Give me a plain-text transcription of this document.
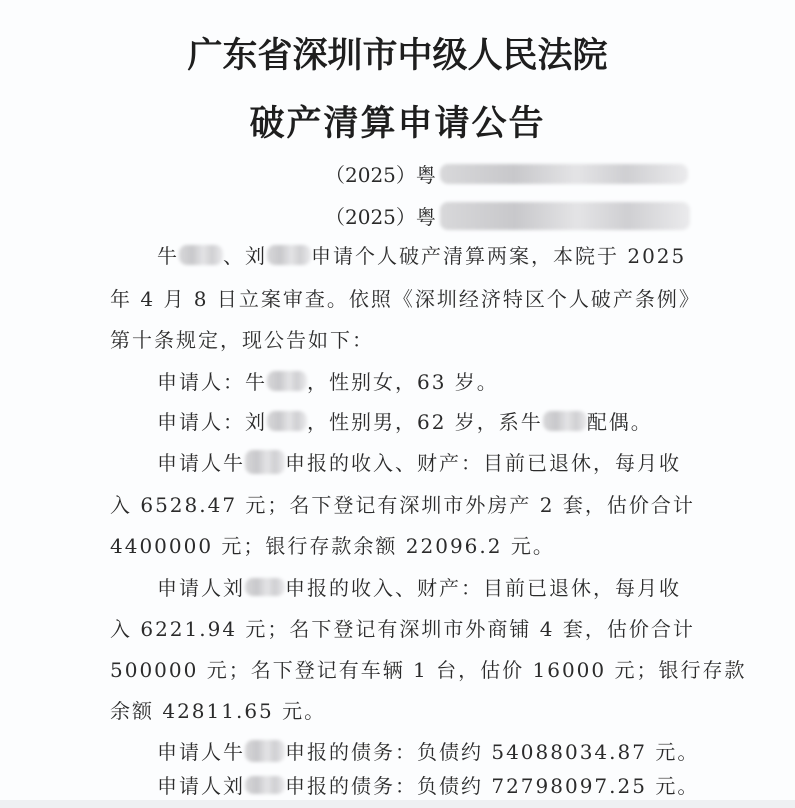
广东省深圳市中级人民法院
破产清算申请公告
（2025）粤
（2025）粤
牛 、刘 申请个人破产清算两案，本院于 2025
年 4 月 8 日立案审查。依照《深圳经济特区个人破产条例》
第十条规定，现公告如下：
申请人：牛 ，性别女，63 岁。
申请人：刘 ，性别男，62 岁，系牛 配偶。
申请人牛 申报的收入、财产：目前已退休，每月收
入 6528.47 元；名下登记有深圳市外房产 2 套，估价合计
4400000 元；银行存款余额 22096.2 元。
申请人刘 申报的收入、财产：目前已退休，每月收
入 6221.94 元；名下登记有深圳市外商铺 4 套，估价合计
500000 元；名下登记有车辆 1 台，估价 16000 元；银行存款
余额 42811.65 元。
申请人牛 申报的债务：负债约 54088034.87 元。
申请人刘 申报的债务：负债约 72798097.25 元。
